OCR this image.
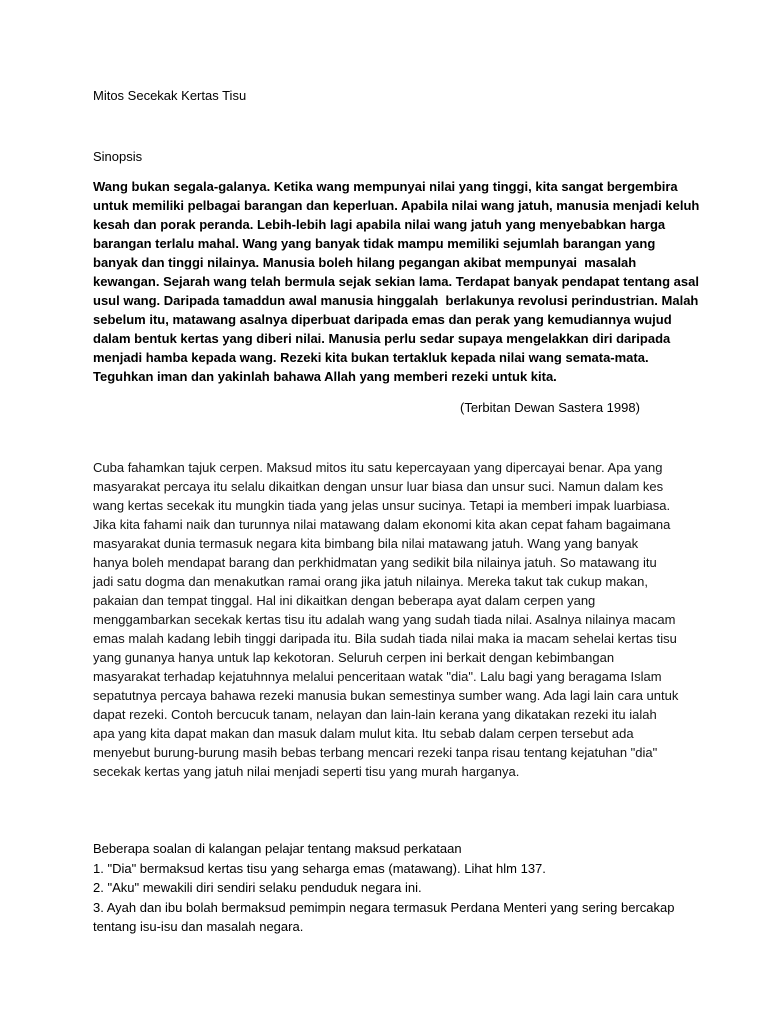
Mitos Secekak Kertas Tisu
Sinopsis
Wang bukan segala-galanya. Ketika wang mempunyai nilai yang tinggi, kita sangat bergembira
untuk memiliki pelbagai barangan dan keperluan. Apabila nilai wang jatuh, manusia menjadi keluh
kesah dan porak peranda. Lebih-lebih lagi apabila nilai wang jatuh yang menyebabkan harga
barangan terlalu mahal. Wang yang banyak tidak mampu memiliki sejumlah barangan yang
banyak dan tinggi nilainya. Manusia boleh hilang pegangan akibat mempunyai  masalah
kewangan. Sejarah wang telah bermula sejak sekian lama. Terdapat banyak pendapat tentang asal
usul wang. Daripada tamaddun awal manusia hinggalah  berlakunya revolusi perindustrian. Malah
sebelum itu, matawang asalnya diperbuat daripada emas dan perak yang kemudiannya wujud
dalam bentuk kertas yang diberi nilai. Manusia perlu sedar supaya mengelakkan diri daripada
menjadi hamba kepada wang. Rezeki kita bukan tertakluk kepada nilai wang semata-mata.
Teguhkan iman dan yakinlah bahawa Allah yang memberi rezeki untuk kita.
(Terbitan Dewan Sastera 1998)
Cuba fahamkan tajuk cerpen. Maksud mitos itu satu kepercayaan yang dipercayai benar. Apa yang
masyarakat percaya itu selalu dikaitkan dengan unsur luar biasa dan unsur suci. Namun dalam kes
wang kertas secekak itu mungkin tiada yang jelas unsur sucinya. Tetapi ia memberi impak luarbiasa.
Jika kita fahami naik dan turunnya nilai matawang dalam ekonomi kita akan cepat faham bagaimana
masyarakat dunia termasuk negara kita bimbang bila nilai matawang jatuh. Wang yang banyak
hanya boleh mendapat barang dan perkhidmatan yang sedikit bila nilainya jatuh. So matawang itu
jadi satu dogma dan menakutkan ramai orang jika jatuh nilainya. Mereka takut tak cukup makan,
pakaian dan tempat tinggal. Hal ini dikaitkan dengan beberapa ayat dalam cerpen yang
menggambarkan secekak kertas tisu itu adalah wang yang sudah tiada nilai. Asalnya nilainya macam
emas malah kadang lebih tinggi daripada itu. Bila sudah tiada nilai maka ia macam sehelai kertas tisu
yang gunanya hanya untuk lap kekotoran. Seluruh cerpen ini berkait dengan kebimbangan
masyarakat terhadap kejatuhnnya melalui penceritaan watak "dia". Lalu bagi yang beragama Islam
sepatutnya percaya bahawa rezeki manusia bukan semestinya sumber wang. Ada lagi lain cara untuk
dapat rezeki. Contoh bercucuk tanam, nelayan dan lain-lain kerana yang dikatakan rezeki itu ialah
apa yang kita dapat makan dan masuk dalam mulut kita. Itu sebab dalam cerpen tersebut ada
menyebut burung-burung masih bebas terbang mencari rezeki tanpa risau tentang kejatuhan "dia"
secekak kertas yang jatuh nilai menjadi seperti tisu yang murah harganya.
Beberapa soalan di kalangan pelajar tentang maksud perkataan
1. "Dia" bermaksud kertas tisu yang seharga emas (matawang). Lihat hlm 137.
2. "Aku" mewakili diri sendiri selaku penduduk negara ini.
3. Ayah dan ibu bolah bermaksud pemimpin negara termasuk Perdana Menteri yang sering bercakap
tentang isu-isu dan masalah negara.
